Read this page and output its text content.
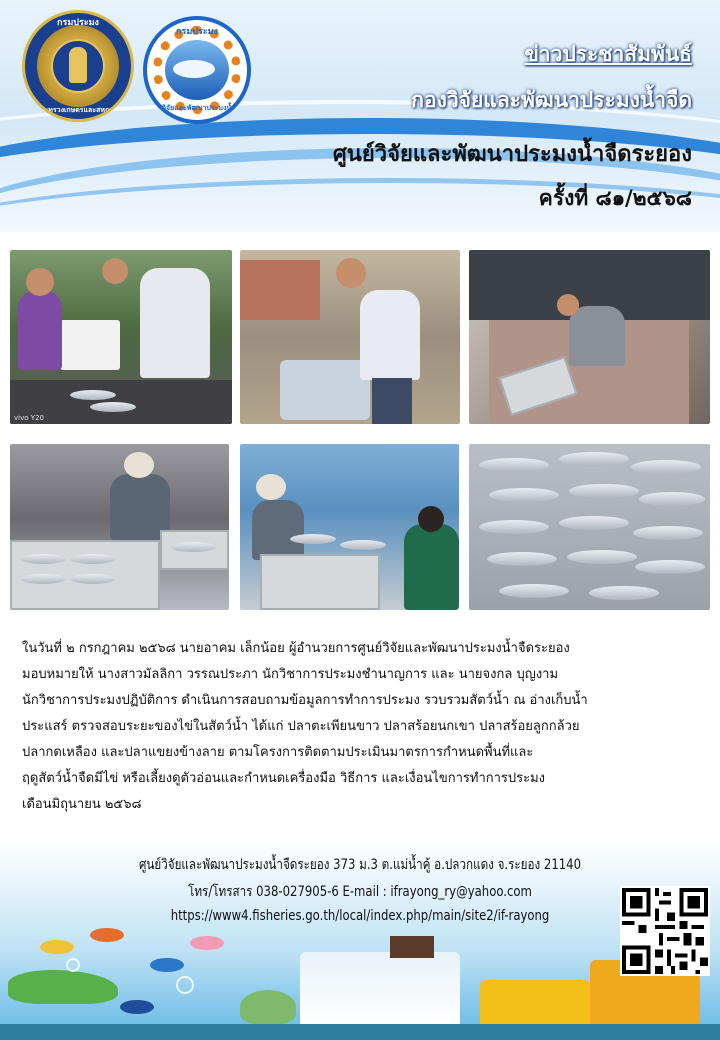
กรมประมง
กระทรวงเกษตรและสหกรณ์
กรมประมง
กองวิจัยและพัฒนาประมงน้ำจืด
ข่าวประชาสัมพันธ์
กองวิจัยและพัฒนาประมงน้ำจืด
ศูนย์วิจัยและพัฒนาประมงน้ำจืดระยอง
ครั้งที่ ๘๑/๒๕๖๘
vivo Y20
ในวันที่ ๒ กรกฎาคม ๒๕๖๘ นายอาคม เล็กน้อย ผู้อำนวยการศูนย์วิจัยและพัฒนาประมงน้ำจืดระยอง
มอบหมายให้ นางสาวมัลลิกา วรรณประภา นักวิชาการประมงชำนาญการ และ นายจงกล บุญงาม
นักวิชาการประมงปฏิบัติการ ดำเนินการสอบถามข้อมูลการทำการประมง รวบรวมสัตว์น้ำ ณ อ่างเก็บน้ำ
ประแสร์ ตรวจสอบระยะของไข่ในสัตว์น้ำ ได้แก่ ปลาตะเพียนขาว ปลาสร้อยนกเขา ปลาสร้อยลูกกล้วย
ปลากดเหลือง และปลาแขยงข้างลาย ตามโครงการติดตามประเมินมาตรการกำหนดพื้นที่และ
ฤดูสัตว์น้ำจืดมีไข่ หรือเลี้ยงดูตัวอ่อนและกำหนดเครื่องมือ วิธีการ และเงื่อนไขการทำการประมง
เดือนมิถุนายน ๒๕๖๘
ศูนย์วิจัยและพัฒนาประมงน้ำจืดระยอง 373 ม.3 ต.แม่น้ำคู้ อ.ปลวกแดง จ.ระยอง 21140
โทร/โทรสาร 038-027905-6 E-mail : ifrayong_ry@yahoo.com
https://www4.fisheries.go.th/local/index.php/main/site2/if-rayong
